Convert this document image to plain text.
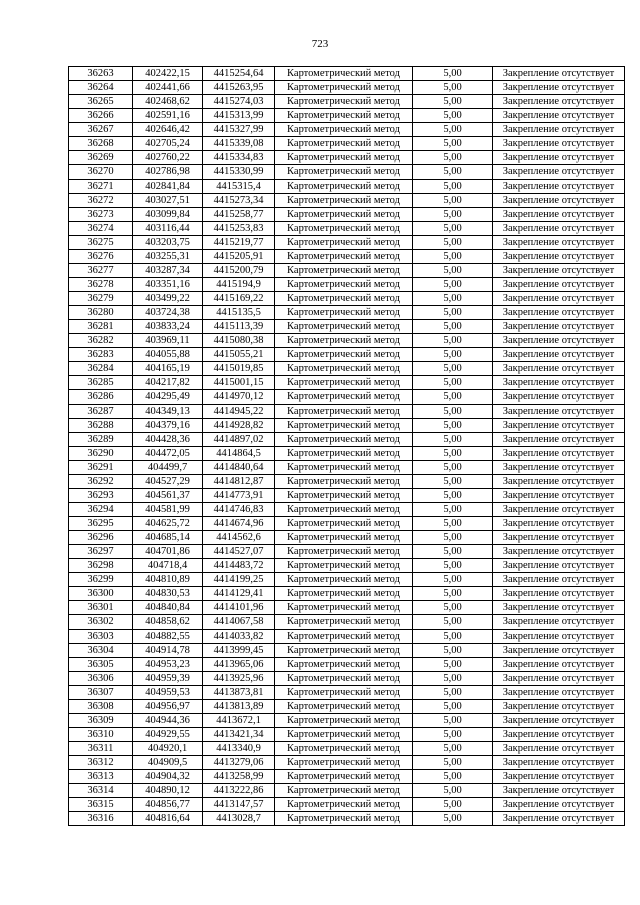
723
36263	402422,15	4415254,64	Картометрический метод	5,00	Закрепление отсутствует
36264	402441,66	4415263,95	Картометрический метод	5,00	Закрепление отсутствует
36265	402468,62	4415274,03	Картометрический метод	5,00	Закрепление отсутствует
36266	402591,16	4415313,99	Картометрический метод	5,00	Закрепление отсутствует
36267	402646,42	4415327,99	Картометрический метод	5,00	Закрепление отсутствует
36268	402705,24	4415339,08	Картометрический метод	5,00	Закрепление отсутствует
36269	402760,22	4415334,83	Картометрический метод	5,00	Закрепление отсутствует
36270	402786,98	4415330,99	Картометрический метод	5,00	Закрепление отсутствует
36271	402841,84	4415315,4	Картометрический метод	5,00	Закрепление отсутствует
36272	403027,51	4415273,34	Картометрический метод	5,00	Закрепление отсутствует
36273	403099,84	4415258,77	Картометрический метод	5,00	Закрепление отсутствует
36274	403116,44	4415253,83	Картометрический метод	5,00	Закрепление отсутствует
36275	403203,75	4415219,77	Картометрический метод	5,00	Закрепление отсутствует
36276	403255,31	4415205,91	Картометрический метод	5,00	Закрепление отсутствует
36277	403287,34	4415200,79	Картометрический метод	5,00	Закрепление отсутствует
36278	403351,16	4415194,9	Картометрический метод	5,00	Закрепление отсутствует
36279	403499,22	4415169,22	Картометрический метод	5,00	Закрепление отсутствует
36280	403724,38	4415135,5	Картометрический метод	5,00	Закрепление отсутствует
36281	403833,24	4415113,39	Картометрический метод	5,00	Закрепление отсутствует
36282	403969,11	4415080,38	Картометрический метод	5,00	Закрепление отсутствует
36283	404055,88	4415055,21	Картометрический метод	5,00	Закрепление отсутствует
36284	404165,19	4415019,85	Картометрический метод	5,00	Закрепление отсутствует
36285	404217,82	4415001,15	Картометрический метод	5,00	Закрепление отсутствует
36286	404295,49	4414970,12	Картометрический метод	5,00	Закрепление отсутствует
36287	404349,13	4414945,22	Картометрический метод	5,00	Закрепление отсутствует
36288	404379,16	4414928,82	Картометрический метод	5,00	Закрепление отсутствует
36289	404428,36	4414897,02	Картометрический метод	5,00	Закрепление отсутствует
36290	404472,05	4414864,5	Картометрический метод	5,00	Закрепление отсутствует
36291	404499,7	4414840,64	Картометрический метод	5,00	Закрепление отсутствует
36292	404527,29	4414812,87	Картометрический метод	5,00	Закрепление отсутствует
36293	404561,37	4414773,91	Картометрический метод	5,00	Закрепление отсутствует
36294	404581,99	4414746,83	Картометрический метод	5,00	Закрепление отсутствует
36295	404625,72	4414674,96	Картометрический метод	5,00	Закрепление отсутствует
36296	404685,14	4414562,6	Картометрический метод	5,00	Закрепление отсутствует
36297	404701,86	4414527,07	Картометрический метод	5,00	Закрепление отсутствует
36298	404718,4	4414483,72	Картометрический метод	5,00	Закрепление отсутствует
36299	404810,89	4414199,25	Картометрический метод	5,00	Закрепление отсутствует
36300	404830,53	4414129,41	Картометрический метод	5,00	Закрепление отсутствует
36301	404840,84	4414101,96	Картометрический метод	5,00	Закрепление отсутствует
36302	404858,62	4414067,58	Картометрический метод	5,00	Закрепление отсутствует
36303	404882,55	4414033,82	Картометрический метод	5,00	Закрепление отсутствует
36304	404914,78	4413999,45	Картометрический метод	5,00	Закрепление отсутствует
36305	404953,23	4413965,06	Картометрический метод	5,00	Закрепление отсутствует
36306	404959,39	4413925,96	Картометрический метод	5,00	Закрепление отсутствует
36307	404959,53	4413873,81	Картометрический метод	5,00	Закрепление отсутствует
36308	404956,97	4413813,89	Картометрический метод	5,00	Закрепление отсутствует
36309	404944,36	4413672,1	Картометрический метод	5,00	Закрепление отсутствует
36310	404929,55	4413421,34	Картометрический метод	5,00	Закрепление отсутствует
36311	404920,1	4413340,9	Картометрический метод	5,00	Закрепление отсутствует
36312	404909,5	4413279,06	Картометрический метод	5,00	Закрепление отсутствует
36313	404904,32	4413258,99	Картометрический метод	5,00	Закрепление отсутствует
36314	404890,12	4413222,86	Картометрический метод	5,00	Закрепление отсутствует
36315	404856,77	4413147,57	Картометрический метод	5,00	Закрепление отсутствует
36316	404816,64	4413028,7	Картометрический метод	5,00	Закрепление отсутствует
